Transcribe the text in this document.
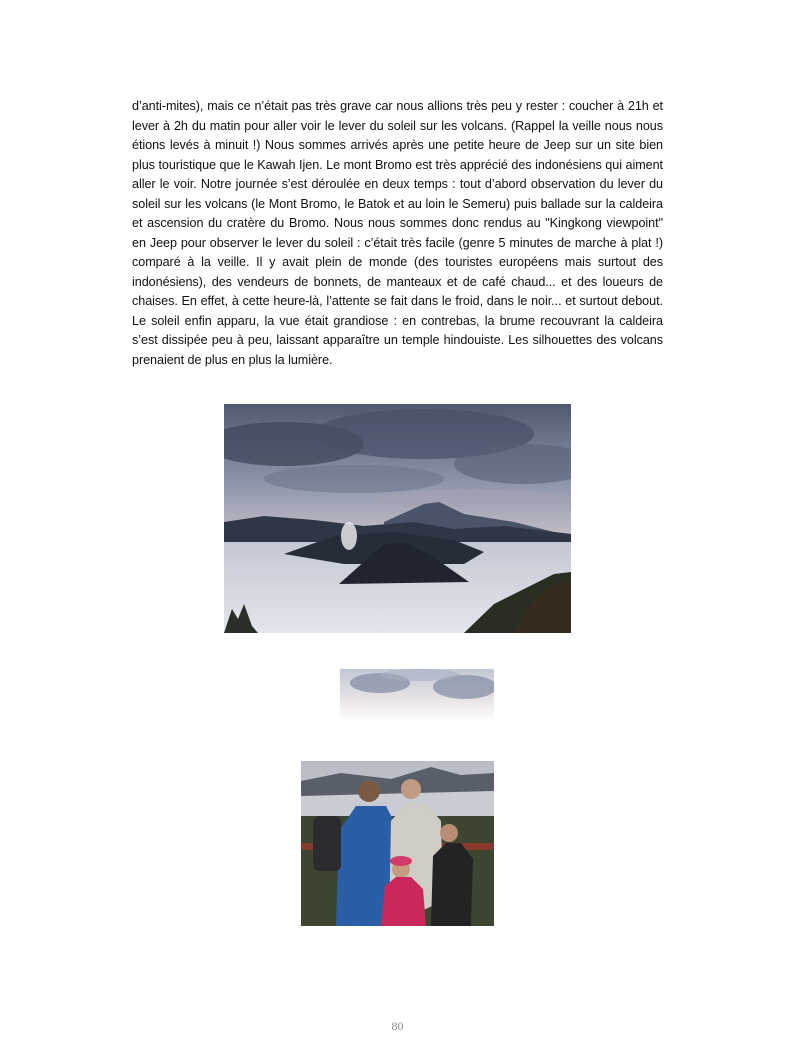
d’anti-mites), mais ce n’était pas très grave car nous allions très peu y rester : coucher à 21h et lever à 2h du matin pour aller voir le lever du soleil sur les volcans. (Rappel la veille nous nous étions levés à minuit !) Nous sommes arrivés après une petite heure de Jeep sur un site bien plus touristique que le Kawah Ijen. Le mont Bromo est très apprécié des indonésiens qui aiment aller le voir. Notre journée s’est déroulée en deux temps : tout d’abord observation du lever du soleil sur les volcans (le Mont Bromo, le Batok et au loin le Semeru) puis ballade sur la caldeira et ascension du cratère du Bromo. Nous nous sommes donc rendus au "Kingkong viewpoint" en Jeep pour observer le lever du soleil : c’était très facile (genre 5 minutes de marche à plat !) comparé à la veille. Il y avait plein de monde (des touristes européens mais surtout des indonésiens), des vendeurs de bonnets, de manteaux et de café chaud... et des loueurs de chaises. En effet, à cette heure-là, l’attente se fait dans le froid, dans le noir... et surtout debout. Le soleil enfin apparu, la vue était grandiose : en contrebas, la brume recouvrant la caldeira s’est dissipée peu à peu, laissant apparaître un temple hindouiste. Les silhouettes des volcans prenaient de plus en plus la lumière.

80
